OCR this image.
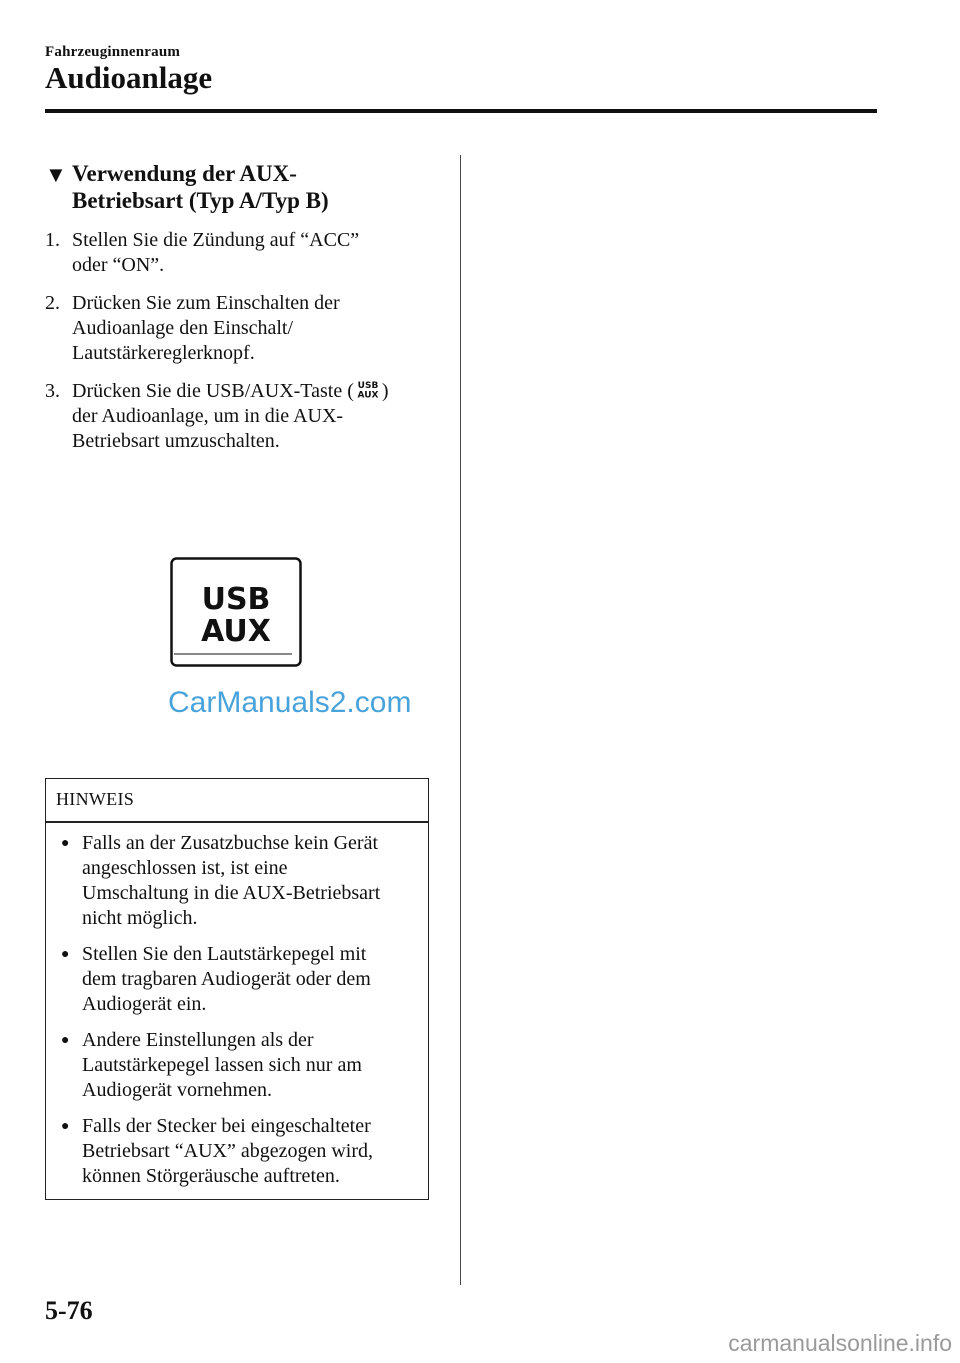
Fahrzeuginnenraum
Audioanlage
▼ Verwendung der AUX-
Betriebsart (Typ A/Typ B)
1. Stellen Sie die Zündung auf “ACC”
oder “ON”.
2. Drücken Sie zum Einschalten der
Audioanlage den Einschalt/
Lautstärkereglerknopf.
3. Drücken Sie die USB/AUX-Taste ( USB
AUX )
der Audioanlage, um in die AUX-
Betriebsart umzuschalten.
USB
AUX
CarManuals2.com
HINWEIS
● Falls an der Zusatzbuchse kein Gerät
angeschlossen ist, ist eine
Umschaltung in die AUX-Betriebsart
nicht möglich.
● Stellen Sie den Lautstärkepegel mit
dem tragbaren Audiogerät oder dem
Audiogerät ein.
● Andere Einstellungen als der
Lautstärkepegel lassen sich nur am
Audiogerät vornehmen.
● Falls der Stecker bei eingeschalteter
Betriebsart “AUX” abgezogen wird,
können Störgeräusche auftreten.
5-76
carmanualsonline.info
